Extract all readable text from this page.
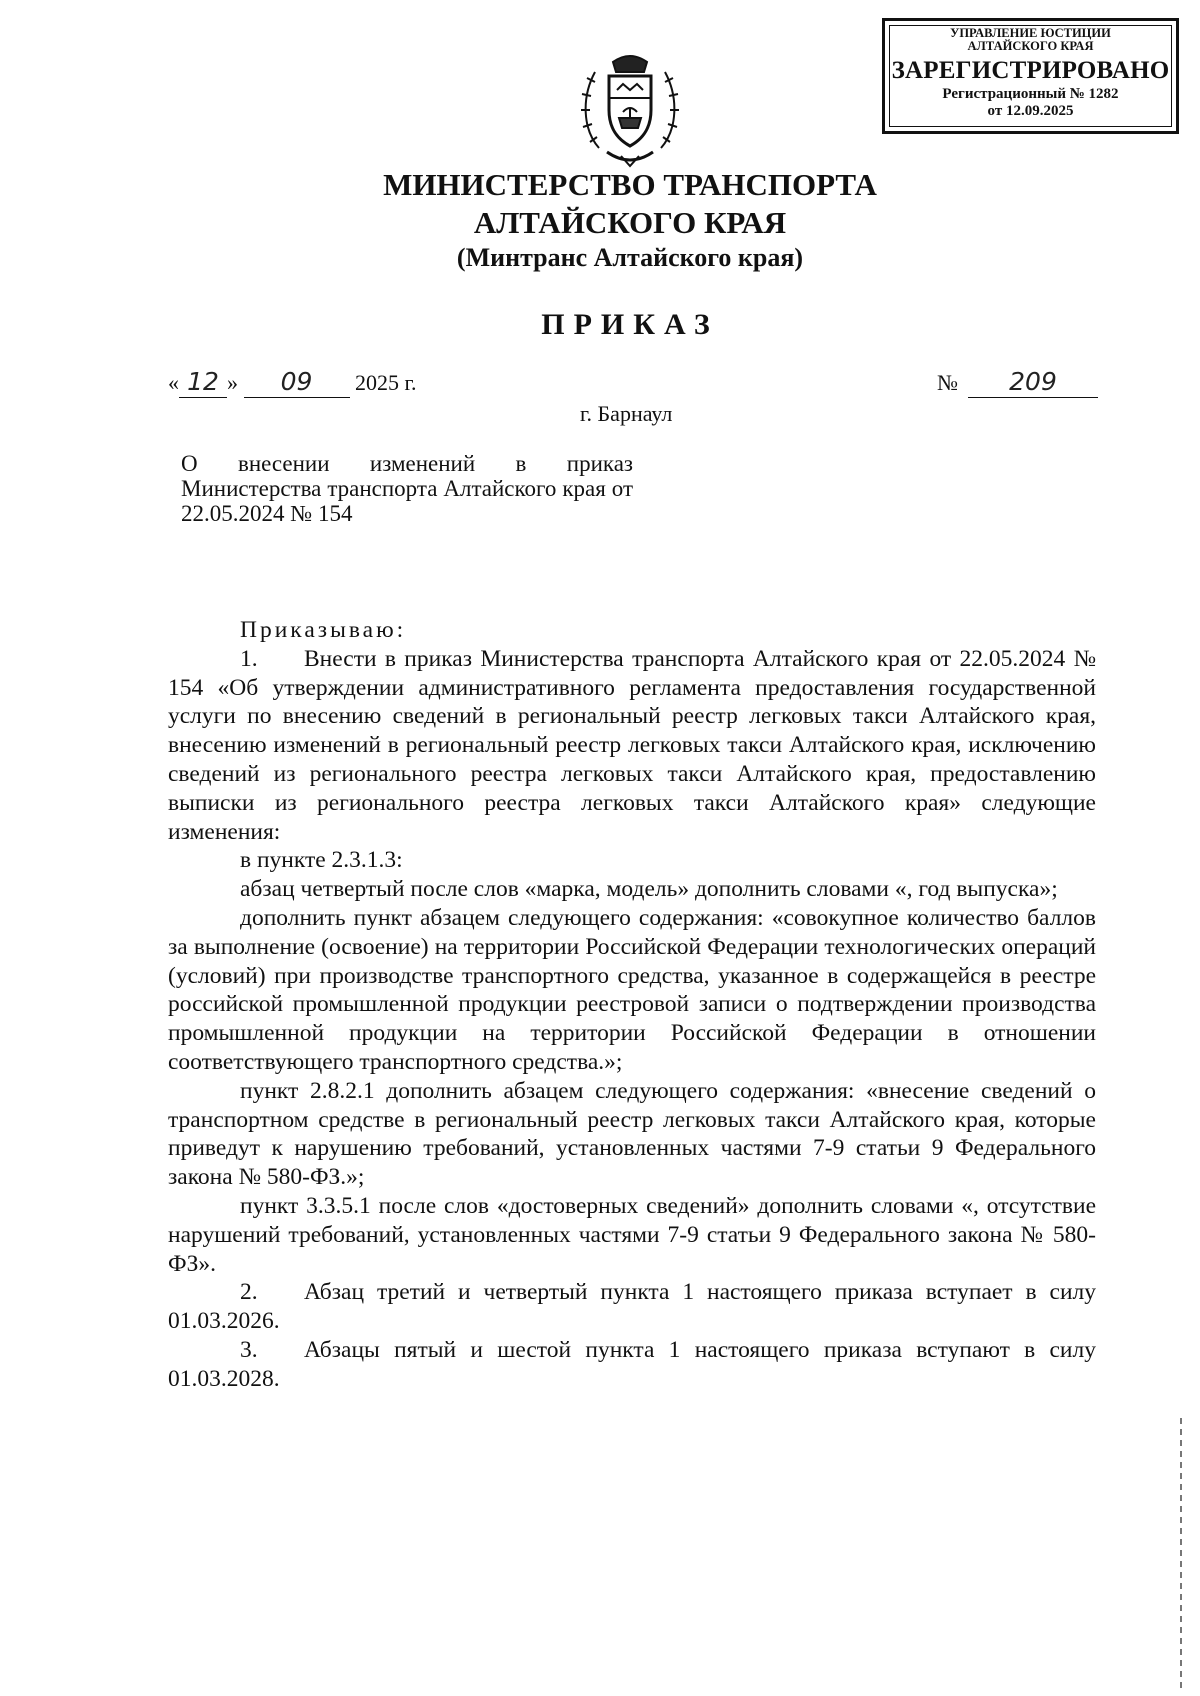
УПРАВЛЕНИЕ ЮСТИЦИИ
АЛТАЙСКОГО КРАЯ
ЗАРЕГИСТРИРОВАНО
Регистрационный № 1282
от 12.09.2025
МИНИСТЕРСТВО ТРАНСПОРТА
АЛТАЙСКОГО КРАЯ
(Минтранс Алтайского края)
ПРИКАЗ
« 12 » 09 2025 г.	№ 209
г. Барнаул
О внесении изменений в приказ Министерства транспорта Алтайского края от 22.05.2024 № 154

Приказываю:

1. Внести в приказ Министерства транспорта Алтайского края от 22.05.2024 № 154 «Об утверждении административного регламента предоставления государственной услуги по внесению сведений в региональный реестр легковых такси Алтайского края, внесению изменений в региональный реестр легковых такси Алтайского края, исключению сведений из регионального реестра легковых такси Алтайского края, предоставлению выписки из регионального реестра легковых такси Алтайского края» следующие изменения:

в пункте 2.3.1.3:

абзац четвертый после слов «марка, модель» дополнить словами «, год выпуска»;

дополнить пункт абзацем следующего содержания: «совокупное количество баллов за выполнение (освоение) на территории Российской Федерации технологических операций (условий) при производстве транспортного средства, указанное в содержащейся в реестре российской промышленной продукции реестровой записи о подтверждении производства промышленной продукции на территории Российской Федерации в отношении соответствующего транспортного средства.»;

пункт 2.8.2.1 дополнить абзацем следующего содержания: «внесение сведений о транспортном средстве в региональный реестр легковых такси Алтайского края, которые приведут к нарушению требований, установленных частями 7-9 статьи 9 Федерального закона № 580-ФЗ.»;

пункт 3.3.5.1 после слов «достоверных сведений» дополнить словами «, отсутствие нарушений требований, установленных частями 7-9 статьи 9 Федерального закона № 580-ФЗ».

2. Абзац третий и четвертый пункта 1 настоящего приказа вступает в силу 01.03.2026.

3. Абзацы пятый и шестой пункта 1 настоящего приказа вступают в силу 01.03.2028.
